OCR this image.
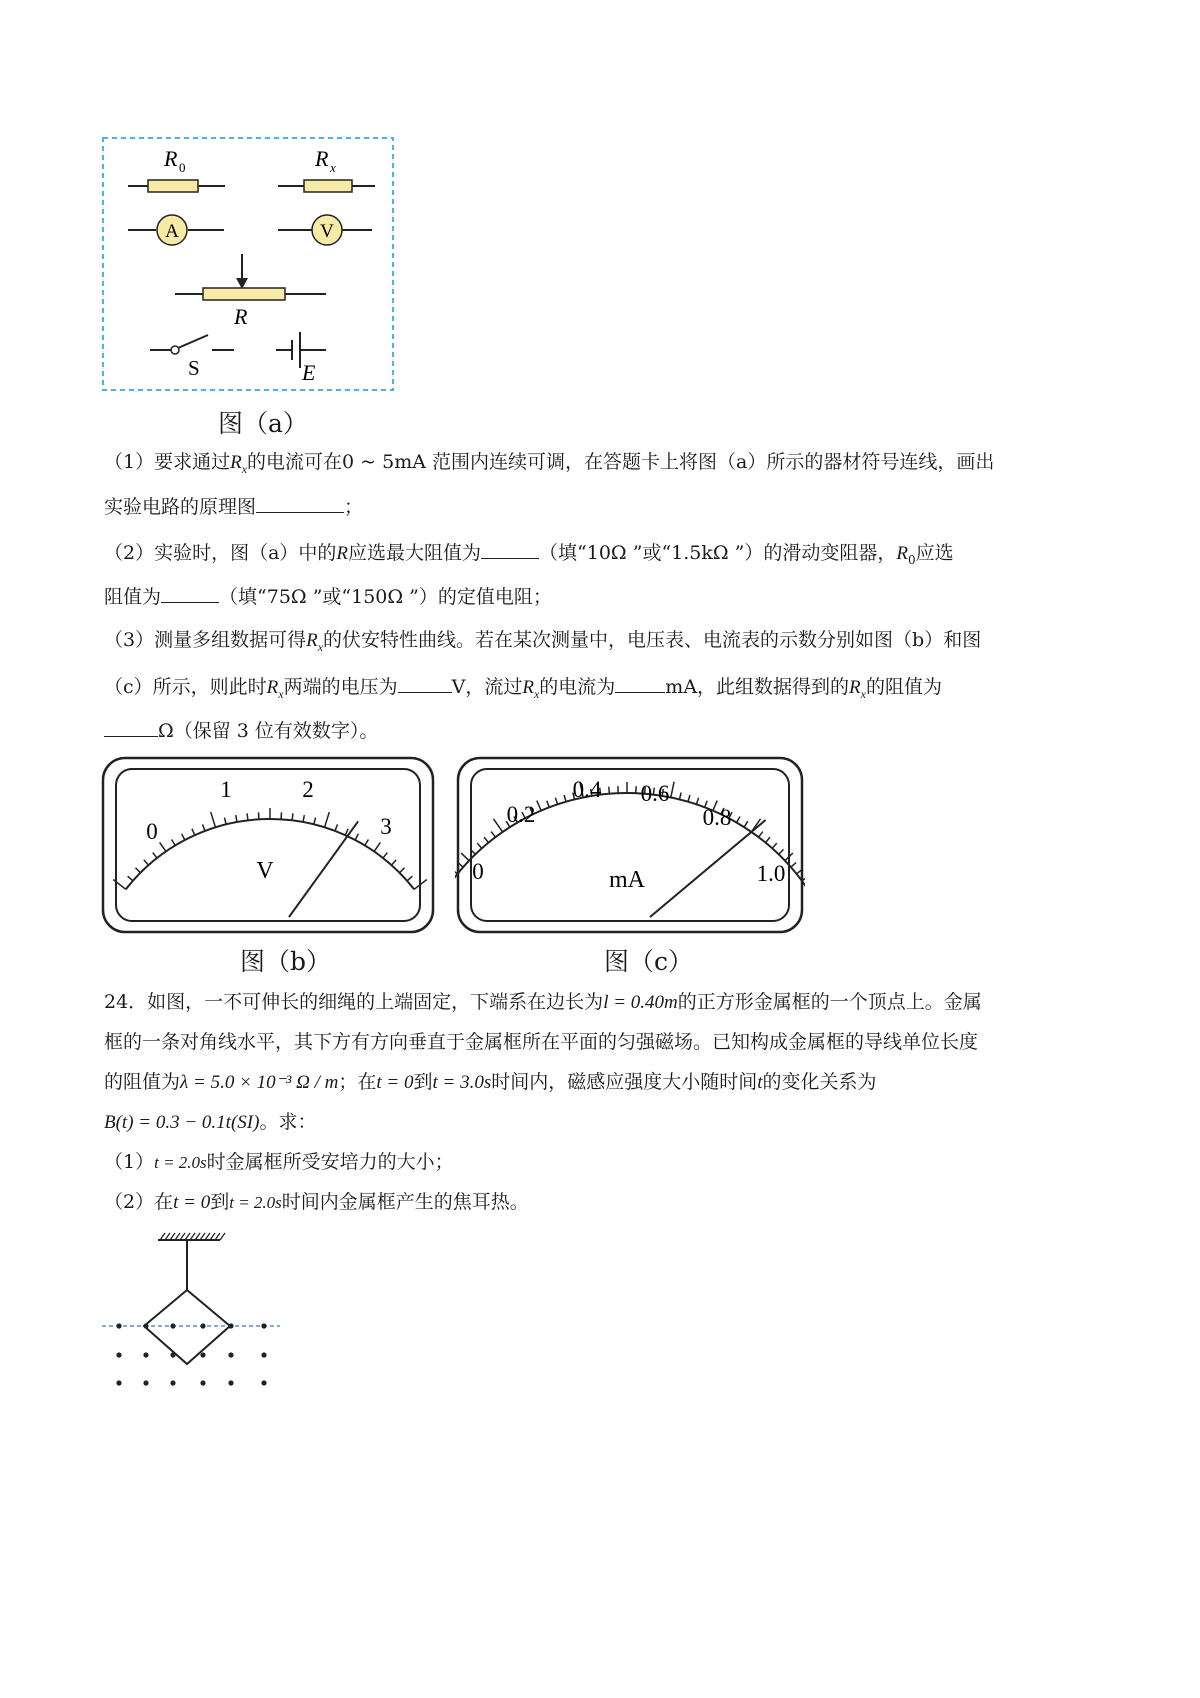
R 0	R x
A	V
R
S	E
图（a）
（1）要求通过$R_x$的电流可在0 ~ 5mA 范围内连续可调，在答题卡上将图（a）所示的器材符号连线，画出
实验电路的原理图	；
（2）实验时，图（a）中的R应选最大阻值为	（填“10Ω ”或“1.5kΩ ”）的滑动变阻器，$R_0$应选
阻值为	（填“75Ω ”或“150Ω ”）的定值电阻；
（3）测量多组数据可得$R_x$的伏安特性曲线。若在某次测量中，电压表、电流表的示数分别如图（b）和图
（c）所示，则此时$R_x$两端的电压为	V，流过$R_x$的电流为	mA，此组数据得到的$R_x$的阻值为
Ω（保留 3 位有效数字）。
0
1	2
3
V	0
0.2
0.4 0.6
0.8
1.0
mA
图（b）	图（c）
24．如图，一不可伸长的细绳的上端固定，下端系在边长为l = 0.40m的正方形金属框的一个顶点上。金属
框的一条对角线水平，其下方有方向垂直于金属框所在平面的匀强磁场。已知构成金属框的导线单位长度
的阻值为λ = 5.0 × 10⁻³ Ω / m；在t = 0到t = 3.0s时间内，磁感应强度大小随时间t的变化关系为
B(t) = 0.3 − 0.1t(SI)。求：
（1）t = 2.0s时金属框所受安培力的大小；
（2）在t = 0到t = 2.0s时间内金属框产生的焦耳热。
